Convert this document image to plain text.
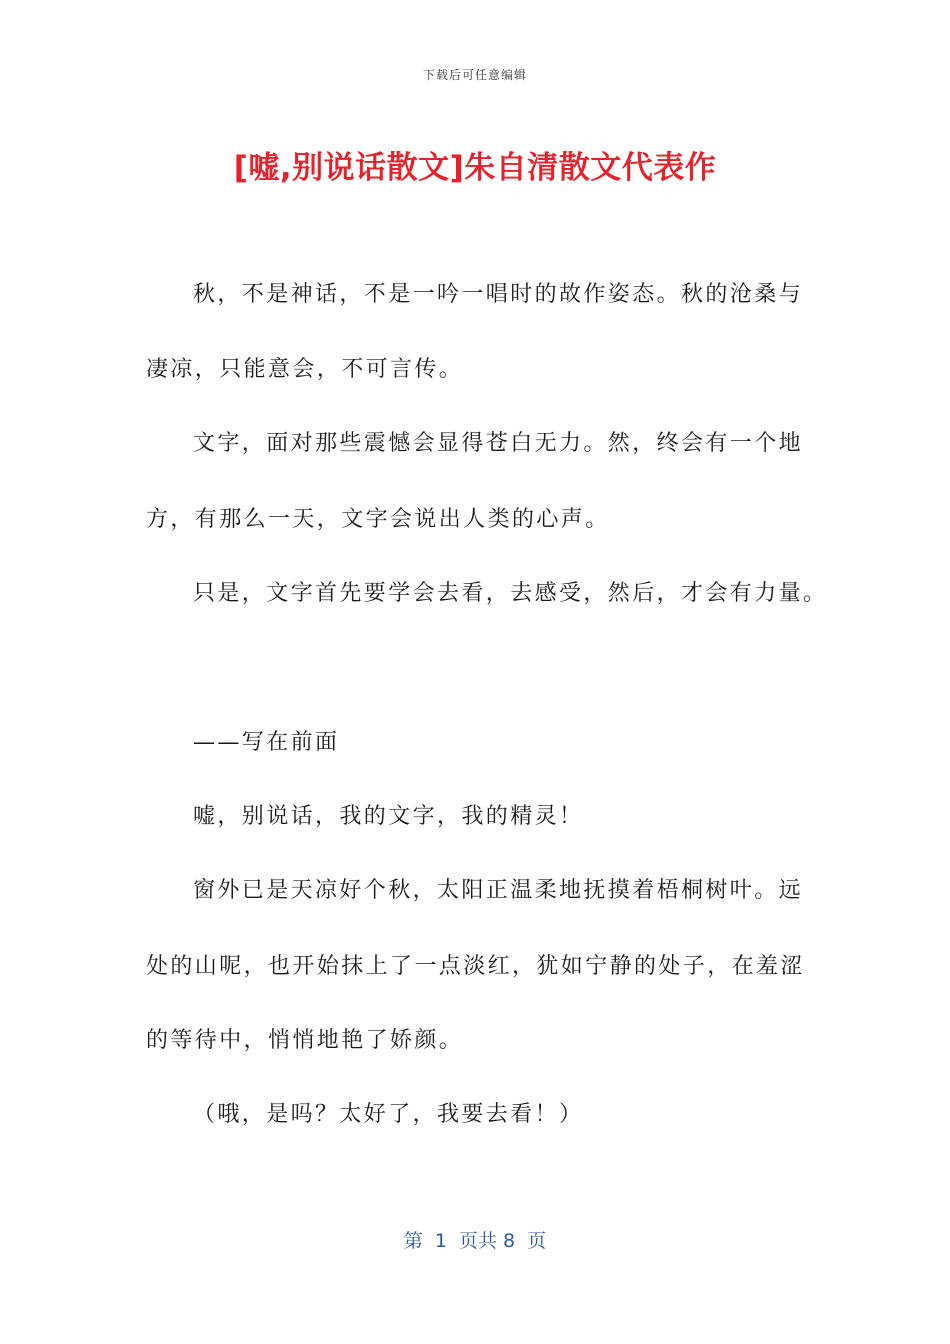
下载后可任意编辑
[嘘,别说话散文]朱自清散文代表作
秋，不是神话，不是一吟一唱时的故作姿态。秋的沧桑与
凄凉，只能意会，不可言传。
文字，面对那些震憾会显得苍白无力。然，终会有一个地
方，有那么一天，文字会说出人类的心声。
只是，文字首先要学会去看，去感受，然后，才会有力量。
——写在前面
嘘，别说话，我的文字，我的精灵！
窗外已是天凉好个秋，太阳正温柔地抚摸着梧桐树叶。远
处的山呢，也开始抹上了一点淡红，犹如宁静的处子，在羞涩
的等待中，悄悄地艳了娇颜。
（哦，是吗？太好了，我要去看！）
第  1  页共 8  页
